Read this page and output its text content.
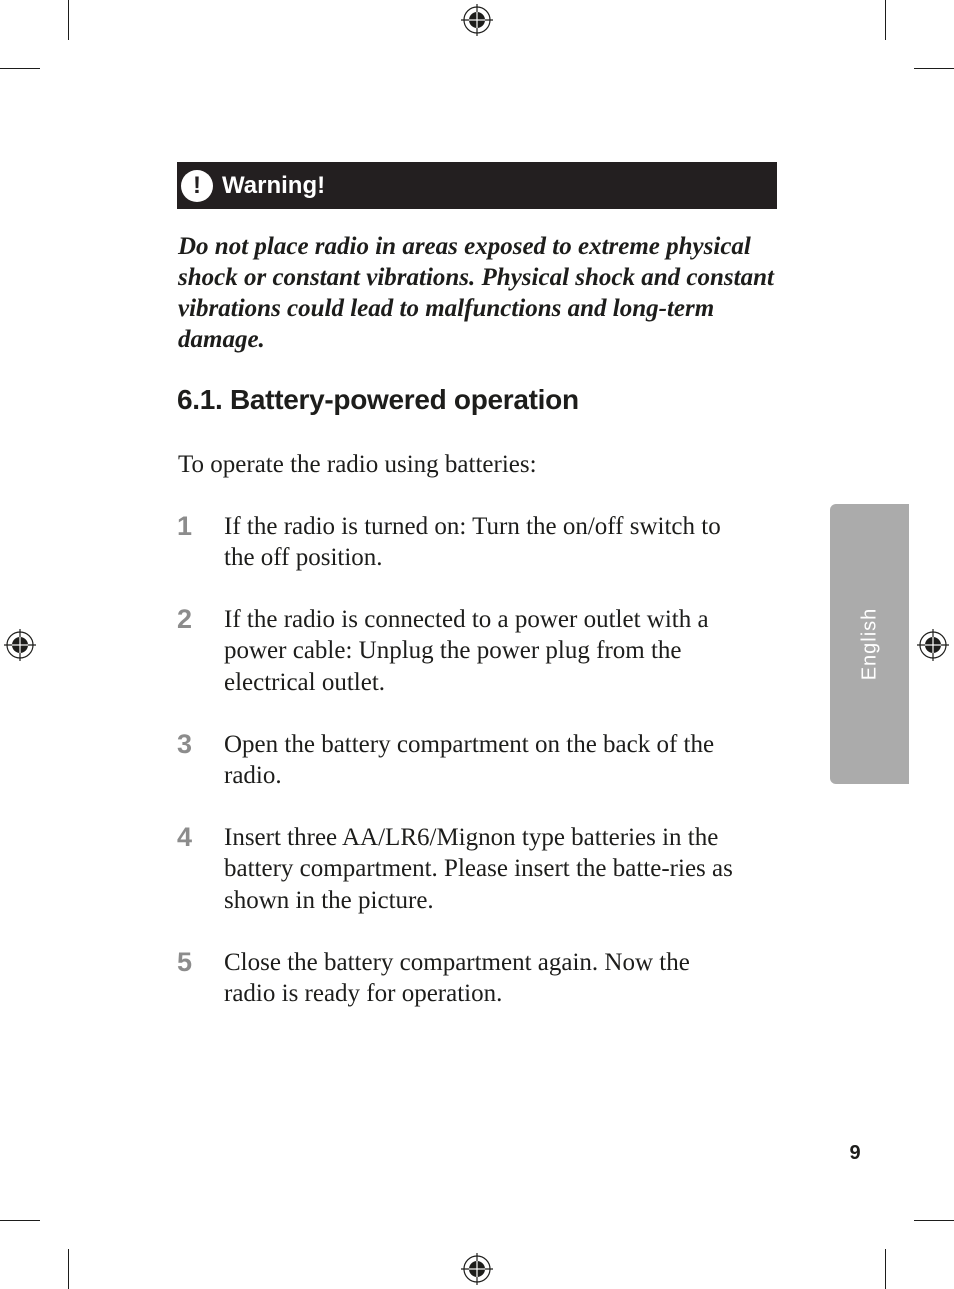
! Warning!

Do not place radio in areas exposed to extreme physical shock or constant vibrations. Physical shock and constant vibrations could lead to malfunctions and long-term damage.

6.1. Battery-powered operation

To operate the radio using batteries:

1 If the radio is turned on: Turn the on/off switch to the off position.

2 If the radio is connected to a power outlet with a power cable: Unplug the power plug from the electrical outlet.

3 Open the battery compartment on the back of the radio.

4 Insert three AA/LR6/Mignon type batteries in the battery compartment. Please insert the batte-ries as shown in the picture.

5 Close the battery compartment again. Now the radio is ready for operation.

English
9
